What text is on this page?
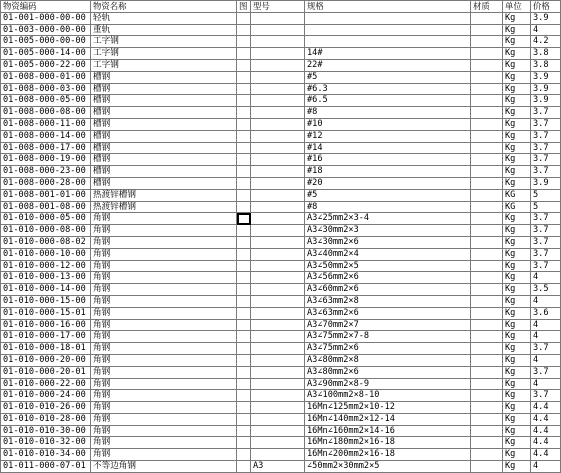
物资编码	物资名称	图	型号	规格	材质	单位	价格
01-001-000-00-00	轻轨					Kg	3.9
01-003-000-00-00	重轨					Kg	4
01-005-000-00-00	工字钢					Kg	4.2
01-005-000-14-00	工字钢			14#		Kg	3.8
01-005-000-22-00	工字钢			22#		Kg	3.8
01-008-000-01-00	槽钢			#5		Kg	3.9
01-008-000-03-00	槽钢			#6.3		Kg	3.9
01-008-000-05-00	槽钢			#6.5		Kg	3.9
01-008-000-08-00	槽钢			#8		Kg	3.7
01-008-000-11-00	槽钢			#10		Kg	3.7
01-008-000-14-00	槽钢			#12		Kg	3.7
01-008-000-17-00	槽钢			#14		Kg	3.7
01-008-000-19-00	槽钢			#16		Kg	3.7
01-008-000-23-00	槽钢			#18		Kg	3.7
01-008-000-28-00	槽钢			#20		Kg	3.9
01-008-001-01-00	热渡锌槽钢			#5		KG	5
01-008-001-08-00	热渡锌槽钢			#8		KG	5
01-010-000-05-00	角钢			A3∠25mm2×3-4		Kg	3.7
01-010-000-08-00	角钢			A3∠30mm2×3		Kg	3.7
01-010-000-08-02	角钢			A3∠30mm2×6		Kg	3.7
01-010-000-10-00	角钢			A3∠40mm2×4		Kg	3.7
01-010-000-12-00	角钢			A3∠50mm2×5		Kg	3.7
01-010-000-13-00	角钢			A3∠56mm2×6		Kg	4
01-010-000-14-00	角钢			A3∠60mm2×6		Kg	3.5
01-010-000-15-00	角钢			A3∠63mm2×8		Kg	4
01-010-000-15-01	角钢			A3∠63mm2×6		Kg	3.6
01-010-000-16-00	角钢			A3∠70mm2×7		Kg	4
01-010-000-17-00	角钢			A3∠75mm2×7-8		Kg	4
01-010-000-18-01	角钢			A3∠75mm2×6		Kg	3.7
01-010-000-20-00	角钢			A3∠80mm2×8		Kg	4
01-010-000-20-01	角钢			A3∠80mm2×6		Kg	3.7
01-010-000-22-00	角钢			A3∠90mm2×8-9		Kg	4
01-010-000-24-00	角钢			A3∠100mm2×8-10		Kg	3.7
01-010-010-26-00	角钢			16Mn∠125mm2×10-12		Kg	4.4
01-010-010-28-00	角钢			16Mn∠140mm2×12-14		Kg	4.4
01-010-010-30-00	角钢			16Mn∠160mm2×14-16		Kg	4.4
01-010-010-32-00	角钢			16Mn∠180mm2×16-18		Kg	4.4
01-010-010-34-00	角钢			16Mn∠200mm2×16-18		Kg	4.4
01-011-000-07-01	不等边角钢		A3	∠50mm2×30mm2×5		Kg	4
